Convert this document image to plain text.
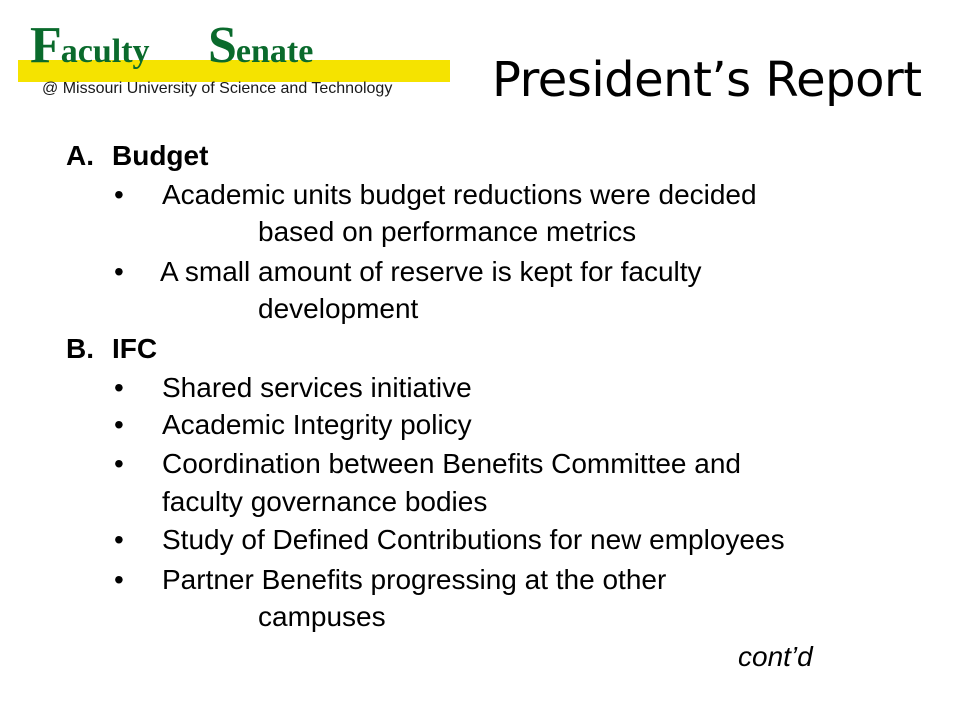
Faculty Senate
@ Missouri University of Science and Technology President’s Report
A. Budget
• Academic units budget reductions were decided
based on performance metrics
• A small amount of reserve is kept for faculty
development
B. IFC
• Shared services initiative
• Academic Integrity policy
• Coordination between Benefits Committee and
faculty governance bodies
• Study of Defined Contributions for new employees
• Partner Benefits progressing at the other
campuses
cont’d
